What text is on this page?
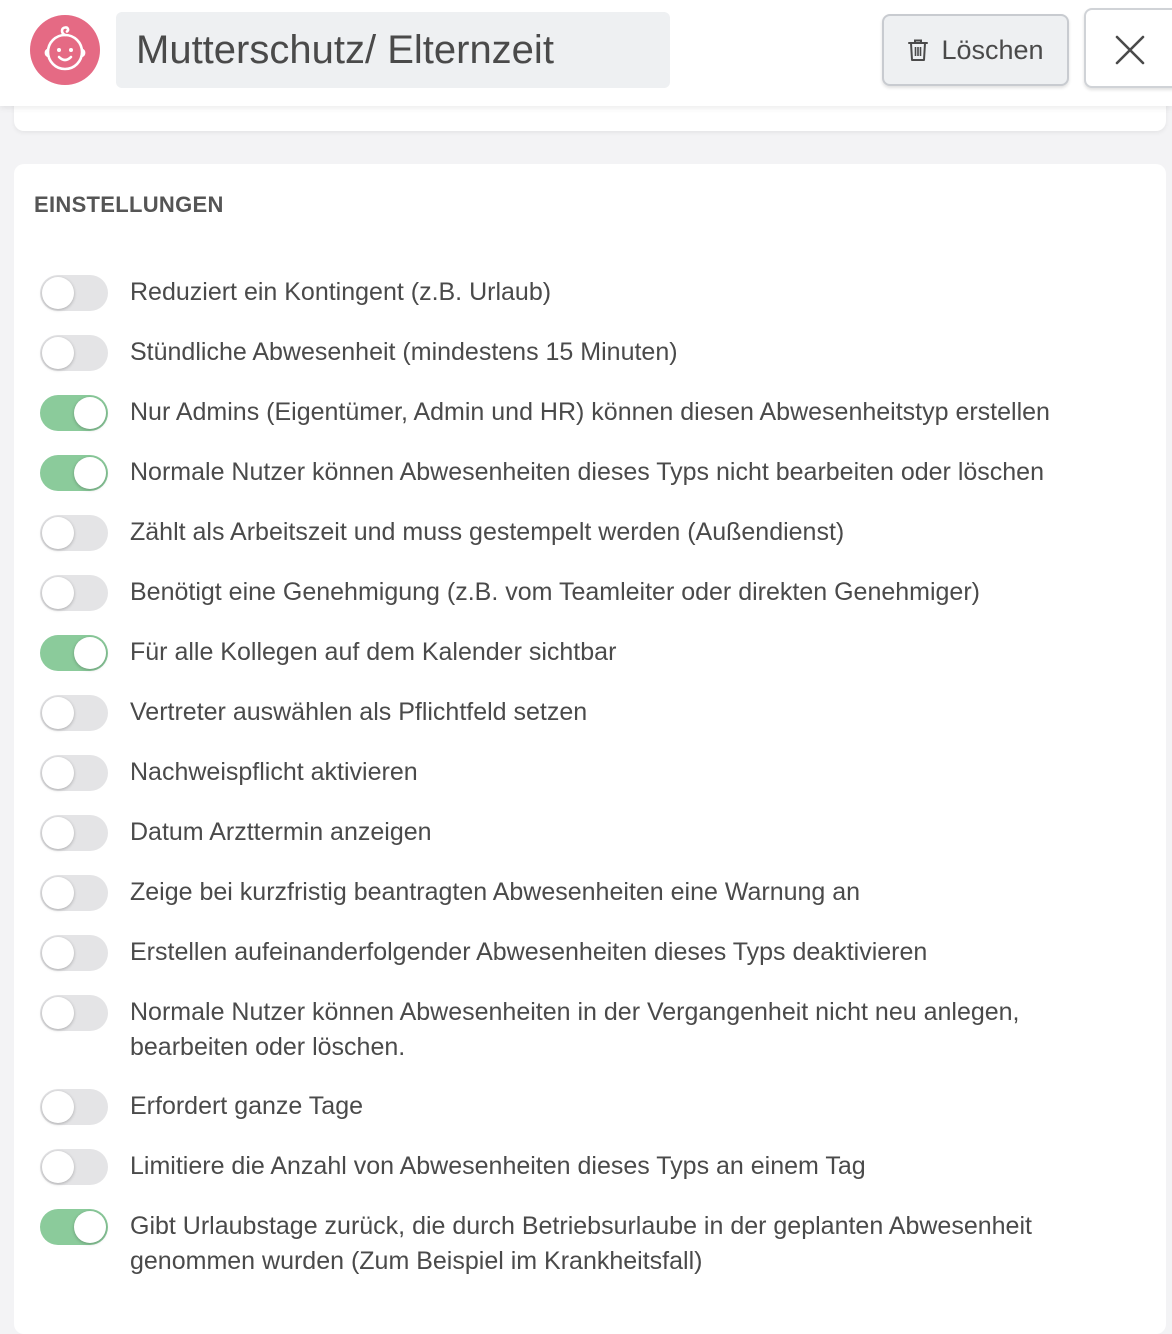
Mutterschutz/ Elternzeit	Löschen
EINSTELLUNGEN
Reduziert ein Kontingent (z.B. Urlaub)
Stündliche Abwesenheit (mindestens 15 Minuten)
Nur Admins (Eigentümer, Admin und HR) können diesen Abwesenheitstyp erstellen
Normale Nutzer können Abwesenheiten dieses Typs nicht bearbeiten oder löschen
Zählt als Arbeitszeit und muss gestempelt werden (Außendienst)
Benötigt eine Genehmigung (z.B. vom Teamleiter oder direkten Genehmiger)
Für alle Kollegen auf dem Kalender sichtbar
Vertreter auswählen als Pflichtfeld setzen
Nachweispflicht aktivieren
Datum Arzttermin anzeigen
Zeige bei kurzfristig beantragten Abwesenheiten eine Warnung an
Erstellen aufeinanderfolgender Abwesenheiten dieses Typs deaktivieren
Normale Nutzer können Abwesenheiten in der Vergangenheit nicht neu anlegen, bearbeiten oder löschen.
Erfordert ganze Tage
Limitiere die Anzahl von Abwesenheiten dieses Typs an einem Tag
Gibt Urlaubstage zurück, die durch Betriebsurlaube in der geplanten Abwesenheit genommen wurden (Zum Beispiel im Krankheitsfall)
